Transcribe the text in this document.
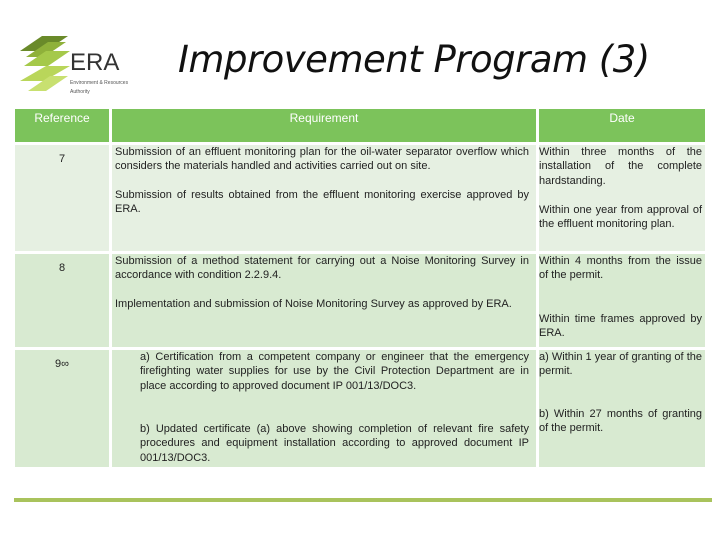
ERA
Environment & Resources
Authority
Improvement Program (3)
Reference	Requirement	Date
7
Submission of an effluent monitoring plan for the oil-water separator overflow which considers the materials handled and activities carried out on site.
Submission of results obtained from the effluent monitoring exercise approved by ERA.
Within three months of the installation of the complete hardstanding.
Within one year from approval of the effluent monitoring plan.
8
Submission of a method statement for carrying out a Noise Monitoring Survey in accordance with condition 2.2.9.4.
Implementation and submission of Noise Monitoring Survey as approved by ERA.
Within 4 months from the issue of the permit.
Within time frames approved by ERA.
9∞
a) Certification from a competent company or engineer that the emergency firefighting water supplies for use by the Civil Protection Department are in place according to approved document IP 001/13/DOC3.
b) Updated certificate (a) above showing completion of relevant fire safety procedures and equipment installation according to approved document IP 001/13/DOC3.
a) Within 1 year of granting of the permit.
b) Within 27 months of granting of the permit.
